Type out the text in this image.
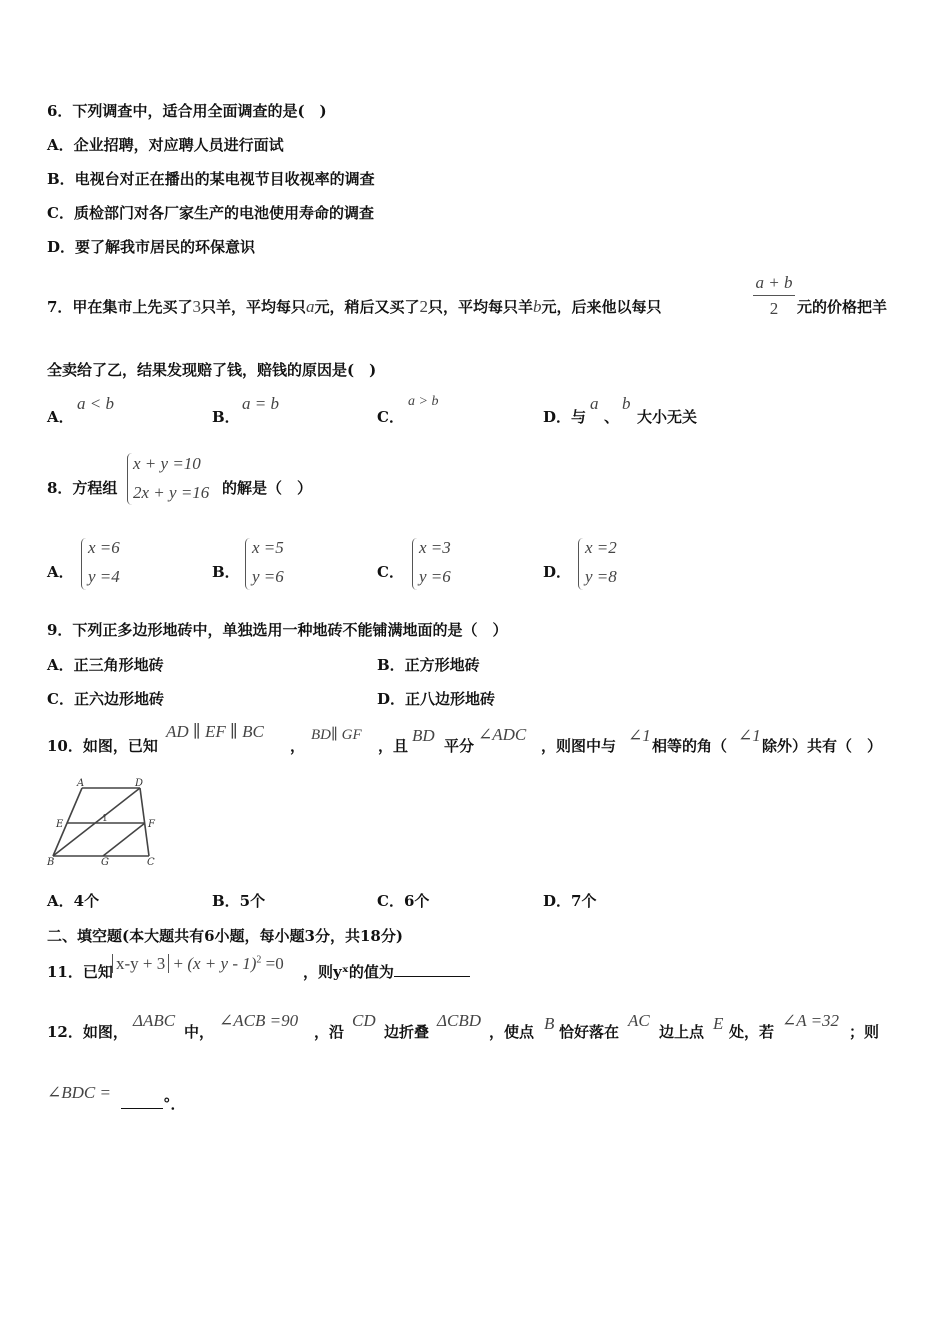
6．下列调查中，适合用全面调查的是(　)
A．企业招聘，对应聘人员进行面试
B．电视台对正在播出的某电视节目收视率的调查
C．质检部门对各厂家生产的电池使用寿命的调查
D．要了解我市居民的环保意识
7．甲在集市上先买了3只羊，平均每只a元，稍后又买了2只，平均每只羊b元，后来他以每只
a + b
2	元的价格把羊
全卖给了乙，结果发现赔了钱，赔钱的原因是(　)
A．
a < b
B．
a = b
C．
a > b
D．与
a
、
b
大小无关
8．方程组
x + y =10
2x + y =16 的解是（　）
A．
x =6
y =4	B．
x =5
y =6	C．
x =3
y =6	D．
x =2
y =8
9．下列正多边形地砖中，单独选用一种地砖不能铺满地面的是（　）
A．正三角形地砖	B．正方形地砖
C．正六边形地砖	D．正八边形地砖
10．如图，已知
AD ∥ EF ∥ BC
，
BD∥ GF
，且
BD
平分
∠ADC
，则图中与
∠1
相等的角（
∠1
除外）共有（　）
A	D
E	F
B	G	C
1
A．4个	B．5个	C．6个	D．7个
二、填空题(本大题共有6小题，每小题3分，共18分)
11．已知 $x-y + 3 + (x + y - 1)^2 =0$ ，则yˣ的值为
12．如图，
ΔABC
中，
∠ACB =90
，沿
CD
边折叠
ΔCBD
，使点 B 恰好落在
AC
边上点 E 处，若
∠A =32
；则
∠BDC =
°．
